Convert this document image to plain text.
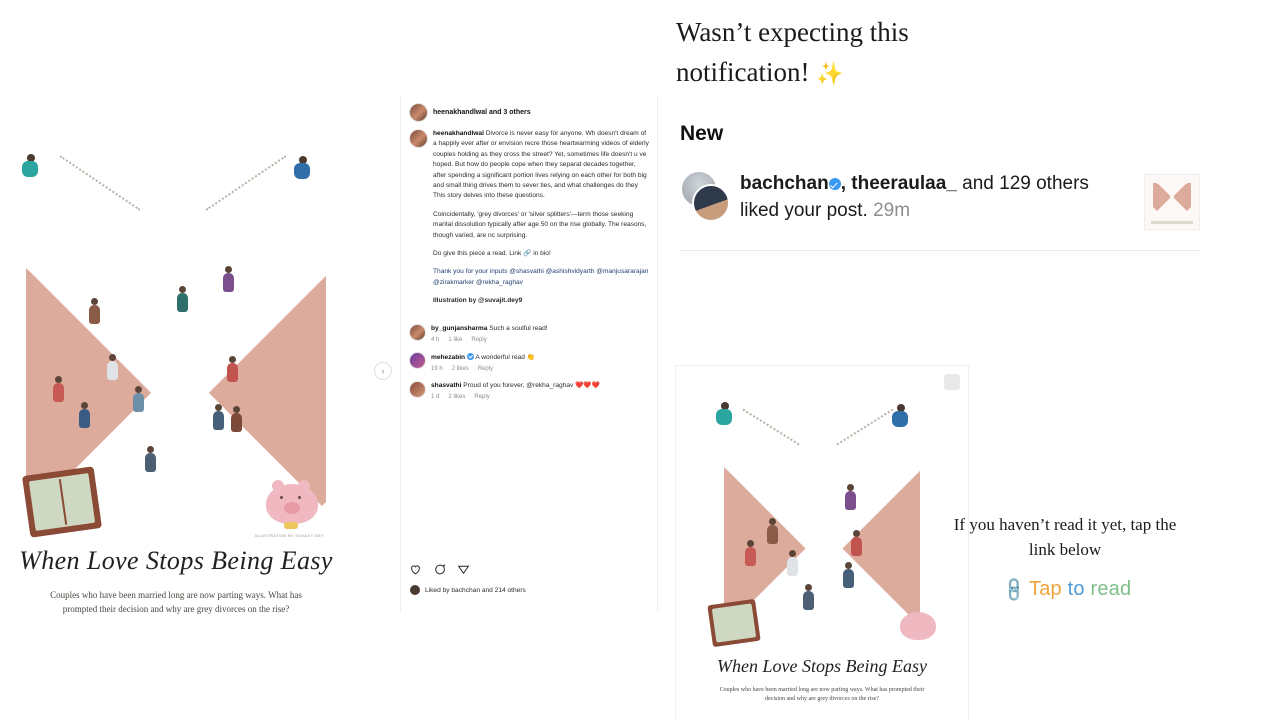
ILLUSTRATION BY SUVAJIT DEY
When Love Stops Being Easy
Couples who have been married long are now parting ways. What has prompted their decision and why are grey divorces on the rise?
heenakhandlwal and 3 others

heenakhandlwal Divorce is never easy for anyone. Wh doesn't dream of a happily ever after or envision recre those heartwarming videos of elderly couples holding as they cross the street? Yet, sometimes life doesn't u ve hoped. But how do people cope when they separat decades together, after spending a significant portion lives relying on each other for both big and small thing drives them to sever ties, and what challenges do they This story delves into these questions.

Coincidentally, 'grey divorces' or 'silver splitters'—term those seeking marital dissolution typically after age 50 on the rise globally. The reasons, though varied, are nc surprising.

Do give this piece a read. Link 🔗 in bio!

Thank you for your inputs @shasvathi @ashishvidyarth @manjusararajan @zirakmarker @rekha_raghav

Illustration by @suvajit.dey9

by_gunjansharma Such a soulful read!
4 h 1 like Reply
mehezabin A wonderful read 👏
19 h 2 likes Reply
shasvathi Proud of you forever, @rekha_raghav ❤️❤️❤️
1 d 2 likes Reply
Liked by bachchan and 214 others
›
Wasn’t expecting this
notification! ✨
New
bachchan , theeraulaa_ and 129 others liked your post. 29m
When Love Stops Being Easy
Couples who have been married long are now parting ways. What has prompted their decision and why are grey divorces on the rise?
If you haven’t read it yet, tap the link below
🔗Tap to read
